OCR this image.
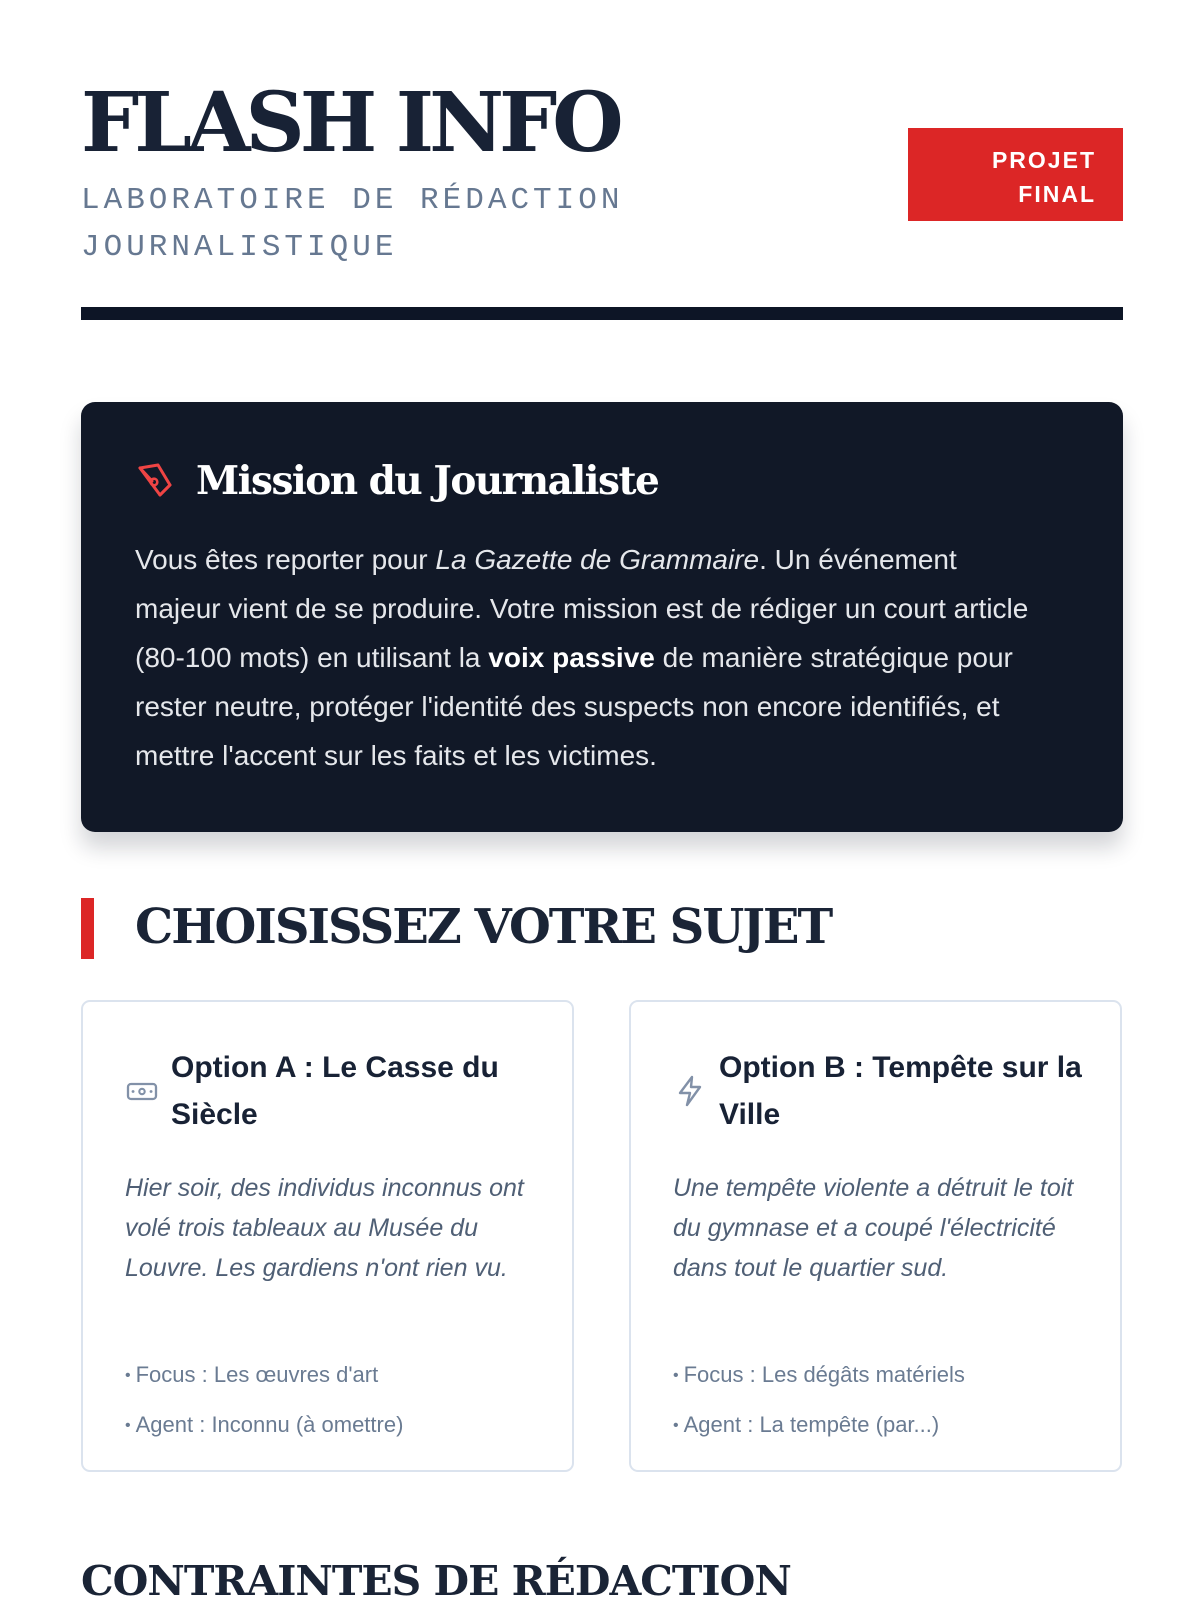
FLASH INFO

LABORATOIRE DE RÉDACTION JOURNALISTIQUE

PROJET FINAL
Mission du Journaliste

Vous êtes reporter pour La Gazette de Grammaire. Un événement majeur vient de se produire. Votre mission est de rédiger un court article (80-100 mots) en utilisant la voix passive de manière stratégique pour rester neutre, protéger l'identité des suspects non encore identifiés, et mettre l'accent sur les faits et les victimes.

CHOISISSEZ VOTRE SUJET
Option A : Le Casse du Siècle

Hier soir, des individus inconnus ont volé trois tableaux au Musée du Louvre. Les gardiens n'ont rien vu.

• Focus : Les œuvres d'art
• Agent : Inconnu (à omettre)
Option B : Tempête sur la Ville

Une tempête violente a détruit le toit du gymnase et a coupé l'électricité dans tout le quartier sud.

• Focus : Les dégâts matériels
• Agent : La tempête (par...)
CONTRAINTES DE RÉDACTION
